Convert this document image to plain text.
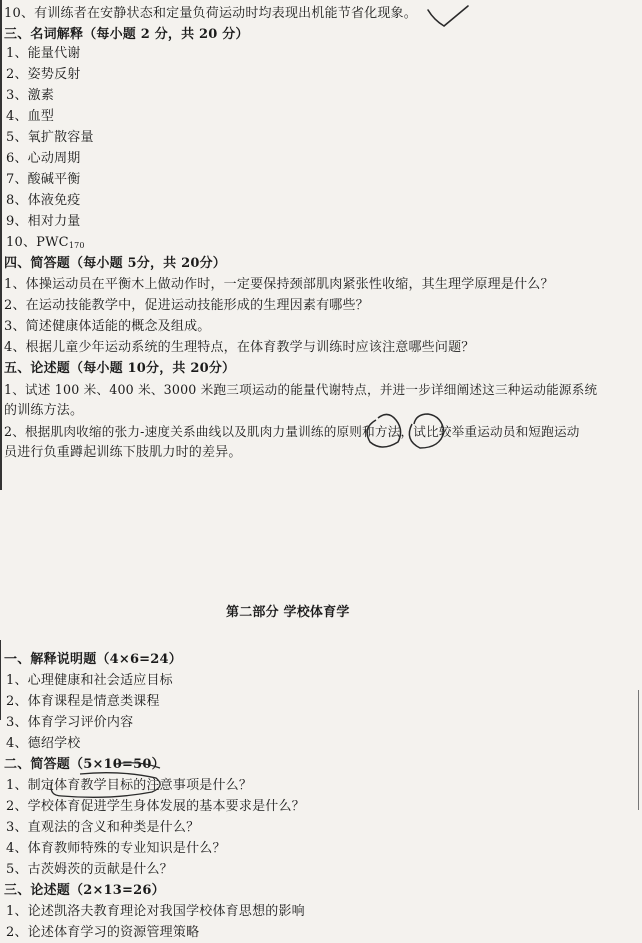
10、有训练者在安静状态和定量负荷运动时均表现出机能节省化现象。
三、名词解释（每小题 2 分，共 20 分）
1、能量代谢
2、姿势反射
3、激素
4、血型
5、氧扩散容量
6、心动周期
7、酸碱平衡
8、体液免疫
9、相对力量
10、$PWC_{170}$
四、简答题（每小题 5分，共 20分）
1、体操运动员在平衡木上做动作时，一定要保持颈部肌肉紧张性收缩，其生理学原理是什么？
2、在运动技能教学中，促进运动技能形成的生理因素有哪些？
3、简述健康体适能的概念及组成。
4、根据儿童少年运动系统的生理特点，在体育教学与训练时应该注意哪些问题？
五、论述题（每小题 10分，共 20分）
1、试述 100 米、400 米、3000 米跑三项运动的能量代谢特点，并进一步详细阐述这三种运动能源系统
的训练方法。
2、根据肌肉收缩的张力-速度关系曲线以及肌肉力量训练的原则和方法，试比较举重运动员和短跑运动
员进行负重蹲起训练下肢肌力时的差异。
第二部分 学校体育学
一、解释说明题（4×6=24）
1、心理健康和社会适应目标
2、体育课程是情意类课程
3、体育学习评价内容
4、德绍学校
二、简答题（5×10=50）
1、制定体育教学目标的注意事项是什么？
2、学校体育促进学生身体发展的基本要求是什么？
3、直观法的含义和种类是什么？
4、体育教师特殊的专业知识是什么？
5、古茨姆茨的贡献是什么？
三、论述题（2×13=26）
1、论述凯洛夫教育理论对我国学校体育思想的影响
2、论述体育学习的资源管理策略
